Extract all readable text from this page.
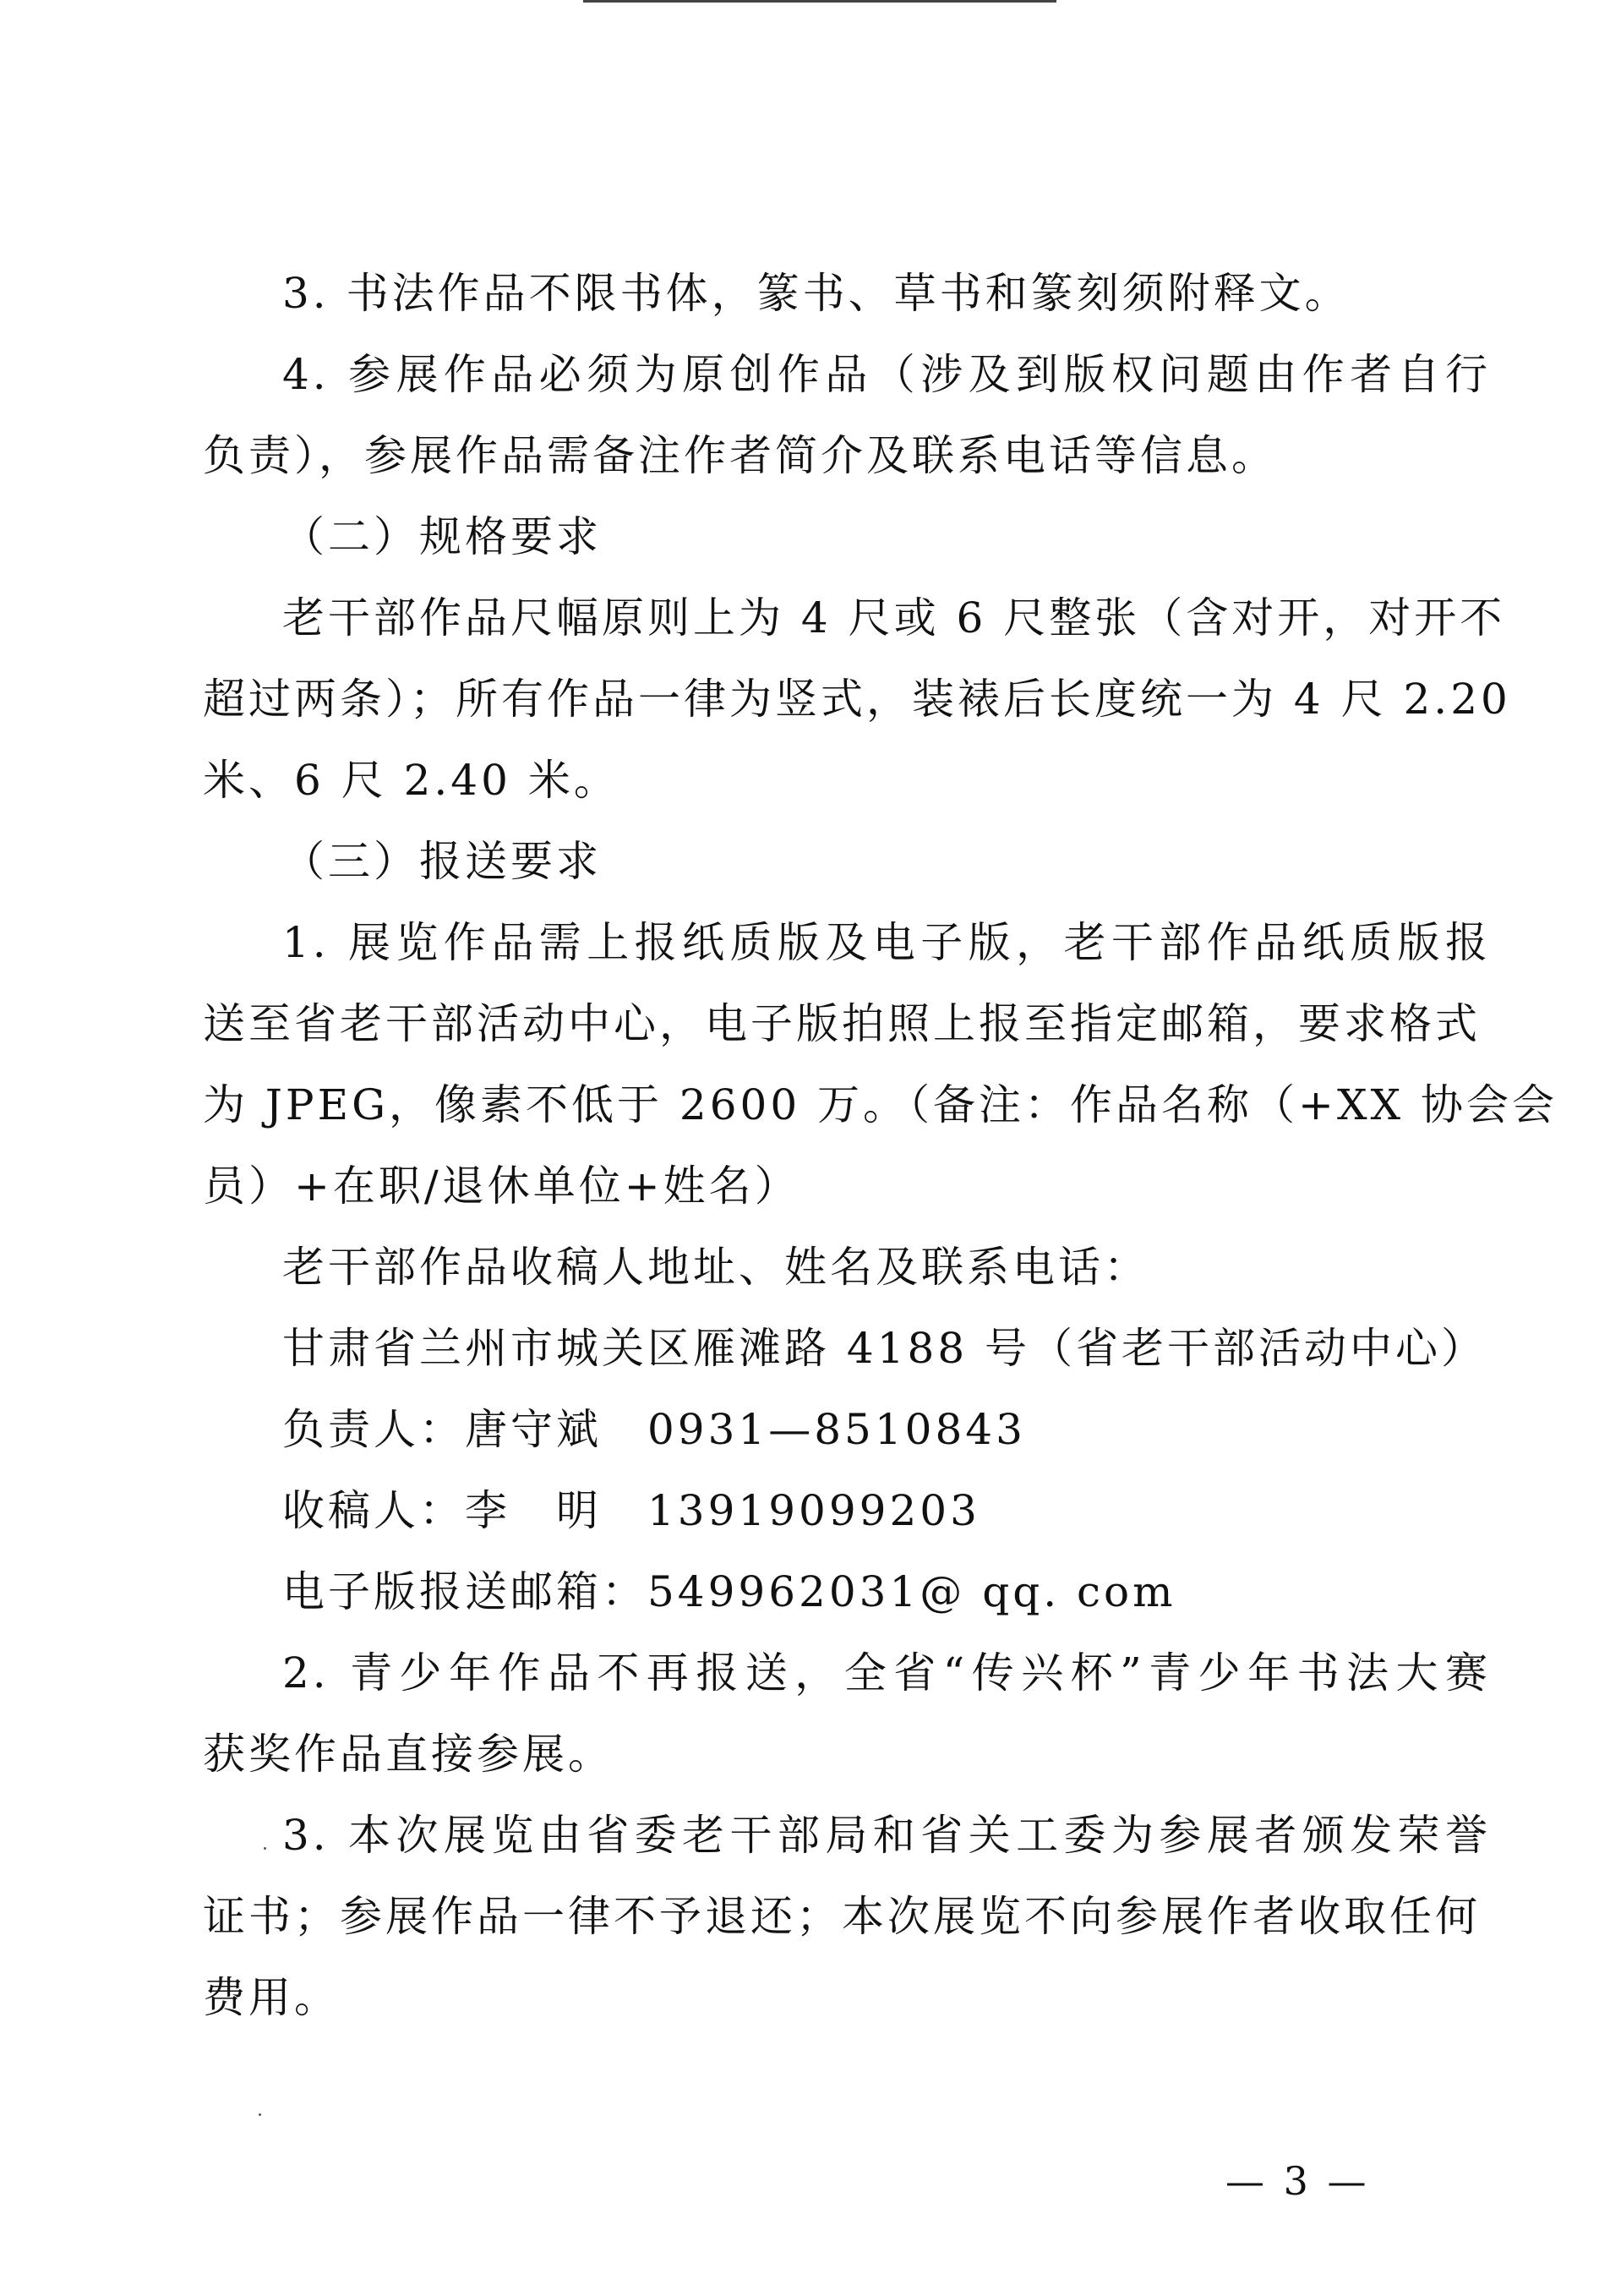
3. 书法作品不限书体，篆书、草书和篆刻须附释文。
4. 参展作品必须为原创作品（涉及到版权问题由作者自行
负责），参展作品需备注作者简介及联系电话等信息。
（二）规格要求
老干部作品尺幅原则上为 4 尺或 6 尺整张（含对开，对开不
超过两条）；所有作品一律为竖式，装裱后长度统一为 4 尺 2.20
米、6 尺 2.40 米。
（三）报送要求
1. 展览作品需上报纸质版及电子版，老干部作品纸质版报
送至省老干部活动中心，电子版拍照上报至指定邮箱，要求格式
为 JPEG，像素不低于 2600 万。（备注：作品名称（+XX 协会会
员）+在职/退休单位+姓名）
老干部作品收稿人地址、姓名及联系电话：
甘肃省兰州市城关区雁滩路 4188 号（省老干部活动中心）
负责人：唐守斌　0931—8510843
收稿人：李　明　13919099203
电子版报送邮箱：549962031@ qq. com
2. 青少年作品不再报送，全省“传兴杯”青少年书法大赛
获奖作品直接参展。
3. 本次展览由省委老干部局和省关工委为参展者颁发荣誉
证书；参展作品一律不予退还；本次展览不向参展作者收取任何
费用。
— 3 —
